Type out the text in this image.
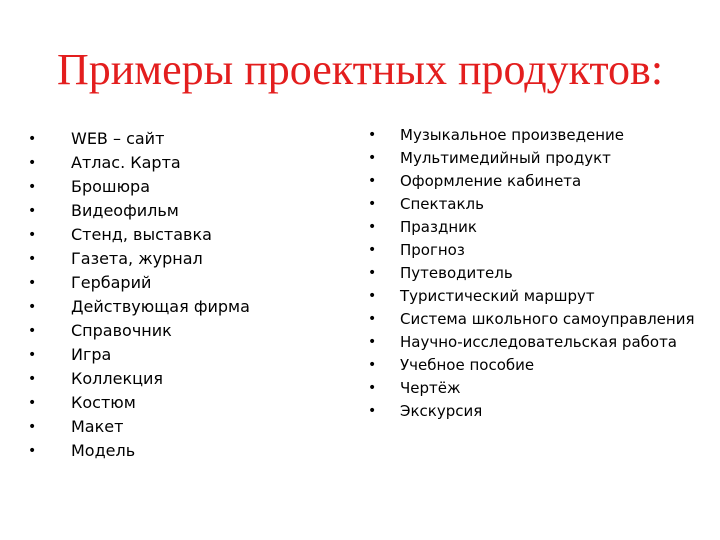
Примеры проектных продуктов:
• WEB – сайт
• Атлас. Карта
• Брошюра
• Видеофильм
• Стенд, выставка
• Газета, журнал
• Гербарий
• Действующая фирма
• Справочник
• Игра
• Коллекция
• Костюм
• Макет
• Модель
• Музыкальное произведение
• Мультимедийный продукт
• Оформление кабинета
• Спектакль
• Праздник
• Прогноз
• Путеводитель
• Туристический маршрут
• Система школьного самоуправления
• Научно-исследовательская работа
• Учебное пособие
• Чертёж
• Экскурсия
